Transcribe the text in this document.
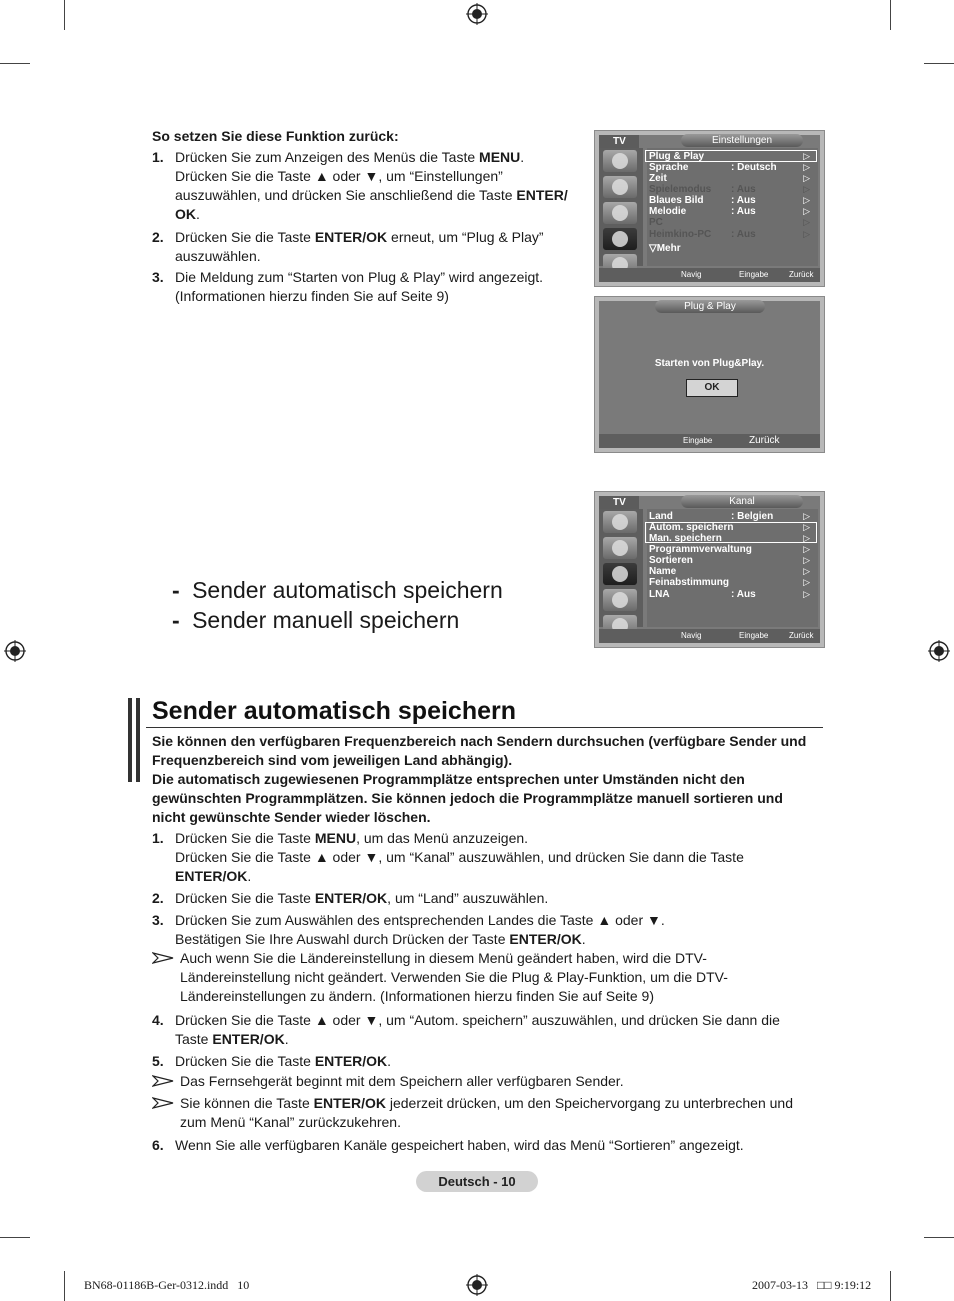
So setzen Sie diese Funktion zurück:
1. Drücken Sie zum Anzeigen des Menüs die Taste MENU.
Drücken Sie die Taste ▲ oder ▼, um “Einstellungen”
auszuwählen, und drücken Sie anschließend die Taste ENTER/
OK.
2. Drücken Sie die Taste ENTER/OK erneut, um “Plug & Play”
auszuwählen.
3. Die Meldung zum “Starten von Plug & Play” wird angezeigt.
(Informationen hierzu finden Sie auf Seite 9)
TV	Einstellungen
Plug & Play	▷
Sprache	: Deutsch	▷
Zeit	▷
Spielemodus : Aus	▷
Blaues Bild	: Aus	▷
Melodie	: Aus	▷
PC	▷
Heimkino-PC : Aus	▷
▽Mehr
Navig	Eingabe	Zurück
Plug & Play
Starten von Plug&Play.
OK
Eingabe	Zurück
TV	Kanal
Land	: Belgien	▷
Autom. speichern	▷
Man. speichern	▷
Programmverwaltung	▷
Sortieren	▷
Name	▷
Feinabstimmung	▷
LNA	: Aus	▷
Navig	Eingabe	Zurück
- Sender automatisch speichern
- Sender manuell speichern
Sender automatisch speichern
Sie können den verfügbaren Frequenzbereich nach Sendern durchsuchen (verfügbare Sender und
Frequenzbereich sind vom jeweiligen Land abhängig).
Die automatisch zugewiesenen Programmplätze entsprechen unter Umständen nicht den
gewünschten Programmplätzen. Sie können jedoch die Programmplätze manuell sortieren und
nicht gewünschte Sender wieder löschen.
1. Drücken Sie die Taste MENU, um das Menü anzuzeigen.
Drücken Sie die Taste ▲ oder ▼, um “Kanal” auszuwählen, und drücken Sie dann die Taste
ENTER/OK.
2. Drücken Sie die Taste ENTER/OK, um “Land” auszuwählen.
3. Drücken Sie zum Auswählen des entsprechenden Landes die Taste ▲ oder ▼.
Bestätigen Sie Ihre Auswahl durch Drücken der Taste ENTER/OK.
Auch wenn Sie die Ländereinstellung in diesem Menü geändert haben, wird die DTV-
Ländereinstellung nicht geändert. Verwenden Sie die Plug & Play-Funktion, um die DTV-
Ländereinstellungen zu ändern. (Informationen hierzu finden Sie auf Seite 9)
4. Drücken Sie die Taste ▲ oder ▼, um “Autom. speichern” auszuwählen, und drücken Sie dann die
Taste ENTER/OK.
5. Drücken Sie die Taste ENTER/OK.
Das Fernsehgerät beginnt mit dem Speichern aller verfügbaren Sender.
Sie können die Taste ENTER/OK jederzeit drücken, um den Speichervorgang zu unterbrechen und
zum Menü “Kanal” zurückzukehren.
6. Wenn Sie alle verfügbaren Kanäle gespeichert haben, wird das Menü “Sortieren” angezeigt.
Deutsch - 10
BN68-01186B-Ger-0312.indd   10	2007-03-13   □□ 9:19:12
